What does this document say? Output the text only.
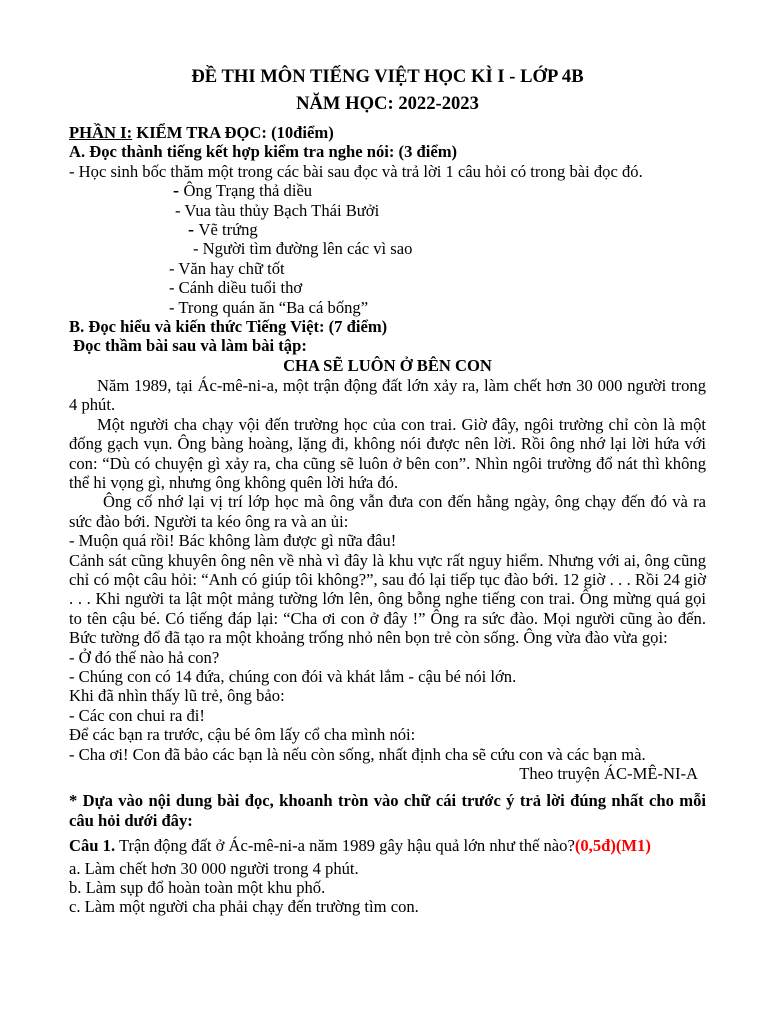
ĐỀ THI MÔN TIẾNG VIỆT HỌC KÌ I - LỚP 4B
NĂM HỌC: 2022-2023
PHẦN I: KIỂM TRA ĐỌC: (10điểm)
A. Đọc thành tiếng kết hợp kiểm tra nghe nói: (3 điểm)
- Học sinh bốc thăm một trong các bài sau đọc và trả lời 1 câu hỏi có trong bài đọc đó.
- Ông Trạng thả diều
- Vua tàu thủy Bạch Thái Bưởi
- Vẽ trứng
- Người tìm đường lên các vì sao
- Văn hay chữ tốt
- Cánh diều tuổi thơ
- Trong quán ăn “Ba cá bống”
B. Đọc hiểu và kiến thức Tiếng Việt: (7 điểm)
Đọc thầm bài sau và làm bài tập:
CHA SẼ LUÔN Ở BÊN CON
Năm 1989, tại Ác-mê-ni-a, một trận động đất lớn xảy ra, làm chết hơn 30 000 người trong 4 phút.
Một người cha chạy vội đến trường học của con trai. Giờ đây, ngôi trường chỉ còn là một đống gạch vụn. Ông bàng hoàng, lặng đi, không nói được nên lời. Rồi ông nhớ lại lời hứa với con: “Dù có chuyện gì xảy ra, cha cũng sẽ luôn ở bên con”. Nhìn ngôi trường đổ nát thì không thể hi vọng gì, nhưng ông không quên lời hứa đó.
Ông cố nhớ lại vị trí lớp học mà ông vẫn đưa con đến hằng ngày, ông chạy đến đó và ra sức đào bới. Người ta kéo ông ra và an ủi:
- Muộn quá rồi! Bác không làm được gì nữa đâu!
Cảnh sát cũng khuyên ông nên về nhà vì đây là khu vực rất nguy hiểm. Nhưng với ai, ông cũng chỉ có một câu hỏi: “Anh có giúp tôi không?”, sau đó lại tiếp tục đào bới. 12 giờ . . . Rồi 24 giờ . . . Khi người ta lật một mảng tường lớn lên, ông bỗng nghe tiếng con trai. Ông mừng quá gọi to tên cậu bé. Có tiếng đáp lại: “Cha ơi con ở đây !” Ông ra sức đào. Mọi người cũng ào đến. Bức tường đổ đã tạo ra một khoảng trống nhỏ nên bọn trẻ còn sống. Ông vừa đào vừa gọi:
- Ở đó thế nào hả con?
- Chúng con có 14 đứa, chúng con đói và khát lắm - cậu bé nói lớn.
Khi đã nhìn thấy lũ trẻ, ông bảo:
- Các con chui ra đi!
Để các bạn ra trước, cậu bé ôm lấy cổ cha mình nói:
- Cha ơi! Con đã bảo các bạn là nếu còn sống, nhất định cha sẽ cứu con và các bạn mà.
Theo truyện ÁC-MÊ-NI-A
* Dựa vào nội dung bài đọc, khoanh tròn vào chữ cái trước ý trả lời đúng nhất cho mỗi câu hỏi dưới đây:
Câu 1. Trận động đất ở Ác-mê-ni-a năm 1989 gây hậu quả lớn như thế nào?(0,5đ)(M1)
a. Làm chết hơn 30 000 người trong 4 phút.
b. Làm sụp đổ hoàn toàn một khu phố.
c. Làm một người cha phải chạy đến trường tìm con.
